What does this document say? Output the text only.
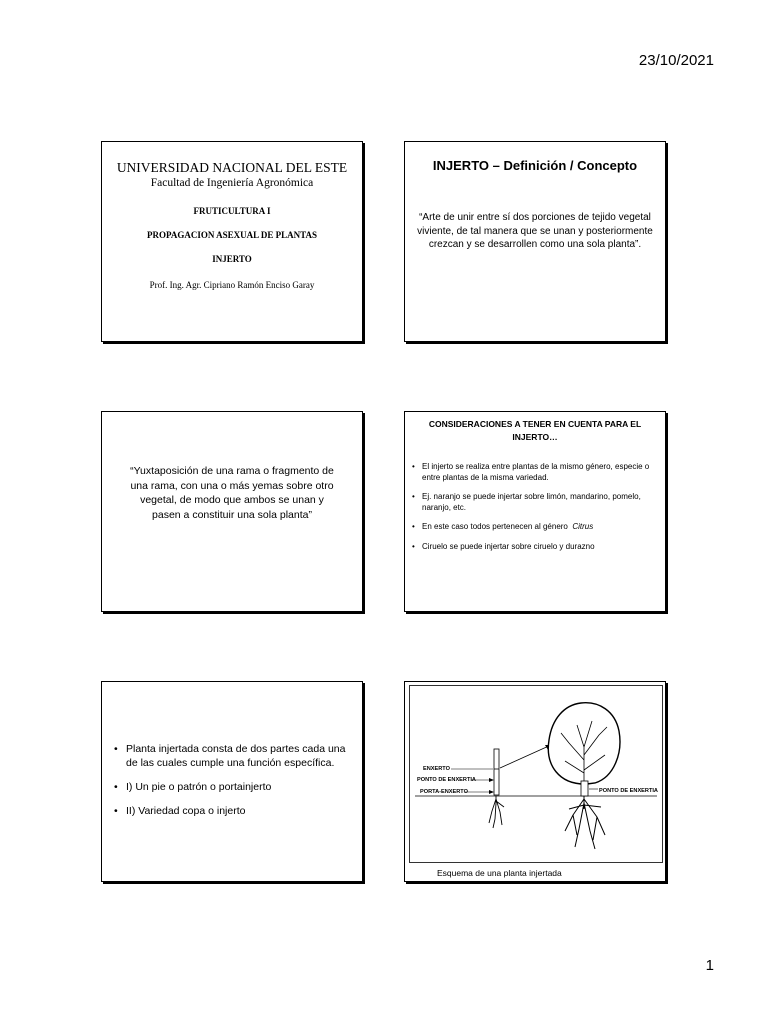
23/10/2021
UNIVERSIDAD NACIONAL DEL ESTE
Facultad de Ingeniería Agronómica
FRUTICULTURA I
PROPAGACION ASEXUAL DE PLANTAS
INJERTO
Prof. Ing. Agr. Cipriano Ramón Enciso Garay
INJERTO – Definición / Concepto
“Arte de unir entre sí dos porciones de tejido vegetal viviente, de tal manera que se unan y posteriormente crezcan y se desarrollen como una sola planta”.
“Yuxtaposición de una rama o fragmento de una rama, con una o más yemas sobre otro vegetal, de modo que ambos se unan y pasen a constituir una sola planta”
CONSIDERACIONES A TENER EN CUENTA PARA EL INJERTO…
• El injerto se realiza entre plantas de la mismo género, especie o entre plantas de la misma variedad.
• Ej. naranjo se puede injertar sobre limón, mandarino, pomelo, naranjo, etc.
• En este caso todos pertenecen al género Citrus
• Ciruelo se puede injertar sobre ciruelo y durazno
• Planta injertada consta de dos partes cada una de las cuales cumple una función específica.
• I) Un pie o patrón o portainjerto
• II) Variedad copa o injerto
ENXERTO
PONTO DE ENXERTIA
PORTA-ENXERTO	PONTO DE ENXERTIA
Esquema de una planta injertada
1
